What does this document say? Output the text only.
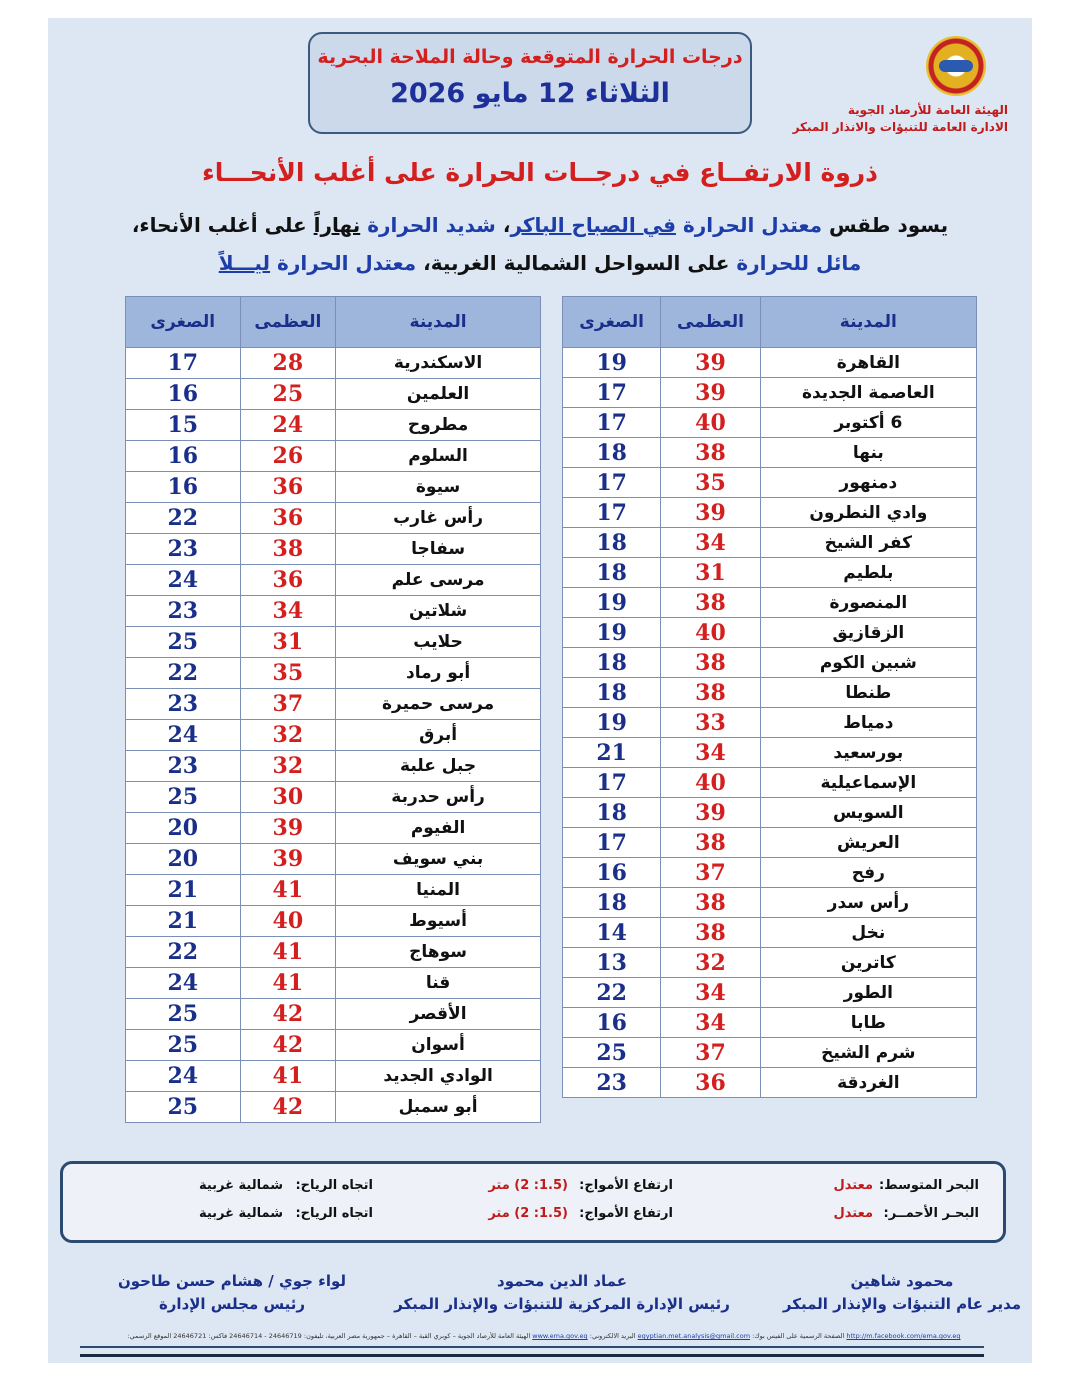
درجات الحرارة المتوقعة وحالة الملاحة البحرية
الثلاثاء 12 مايو 2026
الهيئة العامة للأرصاد الجوية
الادارة العامة للتنبؤات والانذار المبكر
ذروة الارتفــاع في درجــات الحرارة على أغلب الأنحـــاء
يسود طقس معتدل الحرارة في الصباح الباكر، شديد الحرارة نهاراً على أغلب الأنحاء،
مائل للحرارة على السواحل الشمالية الغربية، معتدل الحرارة ليـــلاً
المدينة	العظمى	الصغرى
القاهرة	39	19
العاصمة الجديدة	39	17
6 أكتوبر	40	17
بنها	38	18
دمنهور	35	17
وادي النطرون	39	17
كفر الشيخ	34	18
بلطيم	31	18
المنصورة	38	19
الزقازيق	40	19
شبين الكوم	38	18
طنطا	38	18
دمياط	33	19
بورسعيد	34	21
الإسماعيلية	40	17
السويس	39	18
العريش	38	17
رفح	37	16
رأس سدر	38	18
نخل	38	14
كاترين	32	13
الطور	34	22
طابا	34	16
شرم الشيخ	37	25
الغردقة	36	23
المدينة	العظمى	الصغرى
الاسكندرية	28	17
العلمين	25	16
مطروح	24	15
السلوم	26	16
سيوة	36	16
رأس غارب	36	22
سفاجا	38	23
مرسى علم	36	24
شلاتين	34	23
حلايب	31	25
أبو رماد	35	22
مرسى حميرة	37	23
أبرق	32	24
جبل علبة	32	23
رأس حدربة	30	25
الفيوم	39	20
بني سويف	39	20
المنيا	41	21
أسيوط	40	21
سوهاج	41	22
قنا	41	24
الأقصر	42	25
أسوان	42	25
الوادي الجديد	41	24
أبو سمبل	42	25
البحر المتوسط:
معتدل
ارتفاع الأمواج:
(1.5: 2) متر
اتجاه الرياح:
شمالية غربية
البحـر الأحمــر:
معتدل
ارتفاع الأمواج:
(1.5: 2) متر
اتجاه الرياح:
شمالية غربية
محمود شاهين
مدير عام التنبؤات والإنذار المبكر
عماد الدين محمود
رئيس الإدارة المركزية للتنبؤات والإنذار المبكر
لواء جوي / هشام حسن طاحون
رئيس مجلس الإدارة
http://m.facebook.com/ema.gov.eg الصفحة الرسمية على الفيس بوك: egyptian.met.analysis@gmail.com البريد الالكتروني: www.ema.gov.eg الهيئة العامة للأرصاد الجوية – كوبري القبة – القاهرة – جمهورية مصر العربية، تليفون: 24646719 - 24646714 فاكس: 24646721 الموقع الرسمي:
